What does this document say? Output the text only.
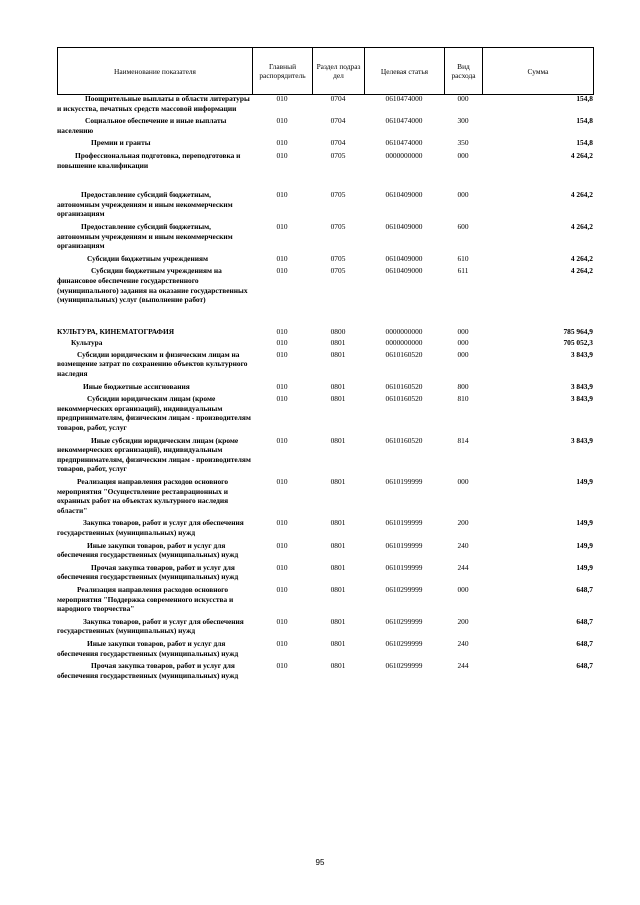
Наименование показателя	Главный распорядитель	Раздел подраз дел	Целевая статья	Вид расхода	Сумма
Поощрительные выплаты в области литературы и искусства, печатных средств массовой информации	010	0704	0610474000	000	154,8

Социальное обеспечение и иные выплаты населению	010	0704	0610474000	300	154,8

Премии и гранты	010	0704	0610474000	350	154,8

Профессиональная подготовка, переподготовка и повышение квалификации	010	0705	0000000000	000	4 264,2

Предоставление субсидий бюджетным, автономным учреждениям и иным некоммерческим организациям	010	0705	0610409000	000	4 264,2

Предоставление субсидий бюджетным, автономным учреждениям и иным некоммерческим организациям	010	0705	0610409000	600	4 264,2

Субсидии бюджетным учреждениям	010	0705	0610409000	610	4 264,2

Субсидии бюджетным учреждениям на финансовое обеспечение государственного (муниципального) задания на оказание государственных (муниципальных) услуг (выполнение работ)	010	0705	0610409000	611	4 264,2

КУЛЬТУРА, КИНЕМАТОГРАФИЯ	010	0800	0000000000	000	785 964,9

Культура	010	0801	0000000000	000	705 052,3

Субсидии юридическим и физическим лицам на возмещение затрат по сохранению объектов культурного наследия	010	0801	0610160520	000	3 843,9

Иные бюджетные ассигнования	010	0801	0610160520	800	3 843,9

Субсидии юридическим лицам (кроме некоммерческих организаций), индивидуальным предпринимателям, физическим лицам - производителям товаров, работ, услуг	010	0801	0610160520	810	3 843,9

Иные субсидии юридическим лицам (кроме некоммерческих организаций), индивидуальным предпринимателям, физическим лицам - производителям товаров, работ, услуг	010	0801	0610160520	814	3 843,9

Реализация направления расходов основного мероприятия "Осуществление реставрационных и охранных работ на объектах культурного наследия области"	010	0801	0610199999	000	149,9

Закупка товаров, работ и услуг для обеспечения государственных (муниципальных) нужд	010	0801	0610199999	200	149,9

Иные закупки товаров, работ и услуг для обеспечения государственных (муниципальных) нужд	010	0801	0610199999	240	149,9

Прочая закупка товаров, работ и услуг для обеспечения государственных (муниципальных) нужд	010	0801	0610199999	244	149,9

Реализация направления расходов основного мероприятия "Поддержка современного искусства и народного творчества"	010	0801	0610299999	000	648,7

Закупка товаров, работ и услуг для обеспечения государственных (муниципальных) нужд	010	0801	0610299999	200	648,7

Иные закупки товаров, работ и услуг для обеспечения государственных (муниципальных) нужд	010	0801	0610299999	240	648,7

Прочая закупка товаров, работ и услуг для обеспечения государственных (муниципальных) нужд	010	0801	0610299999	244	648,7
95
